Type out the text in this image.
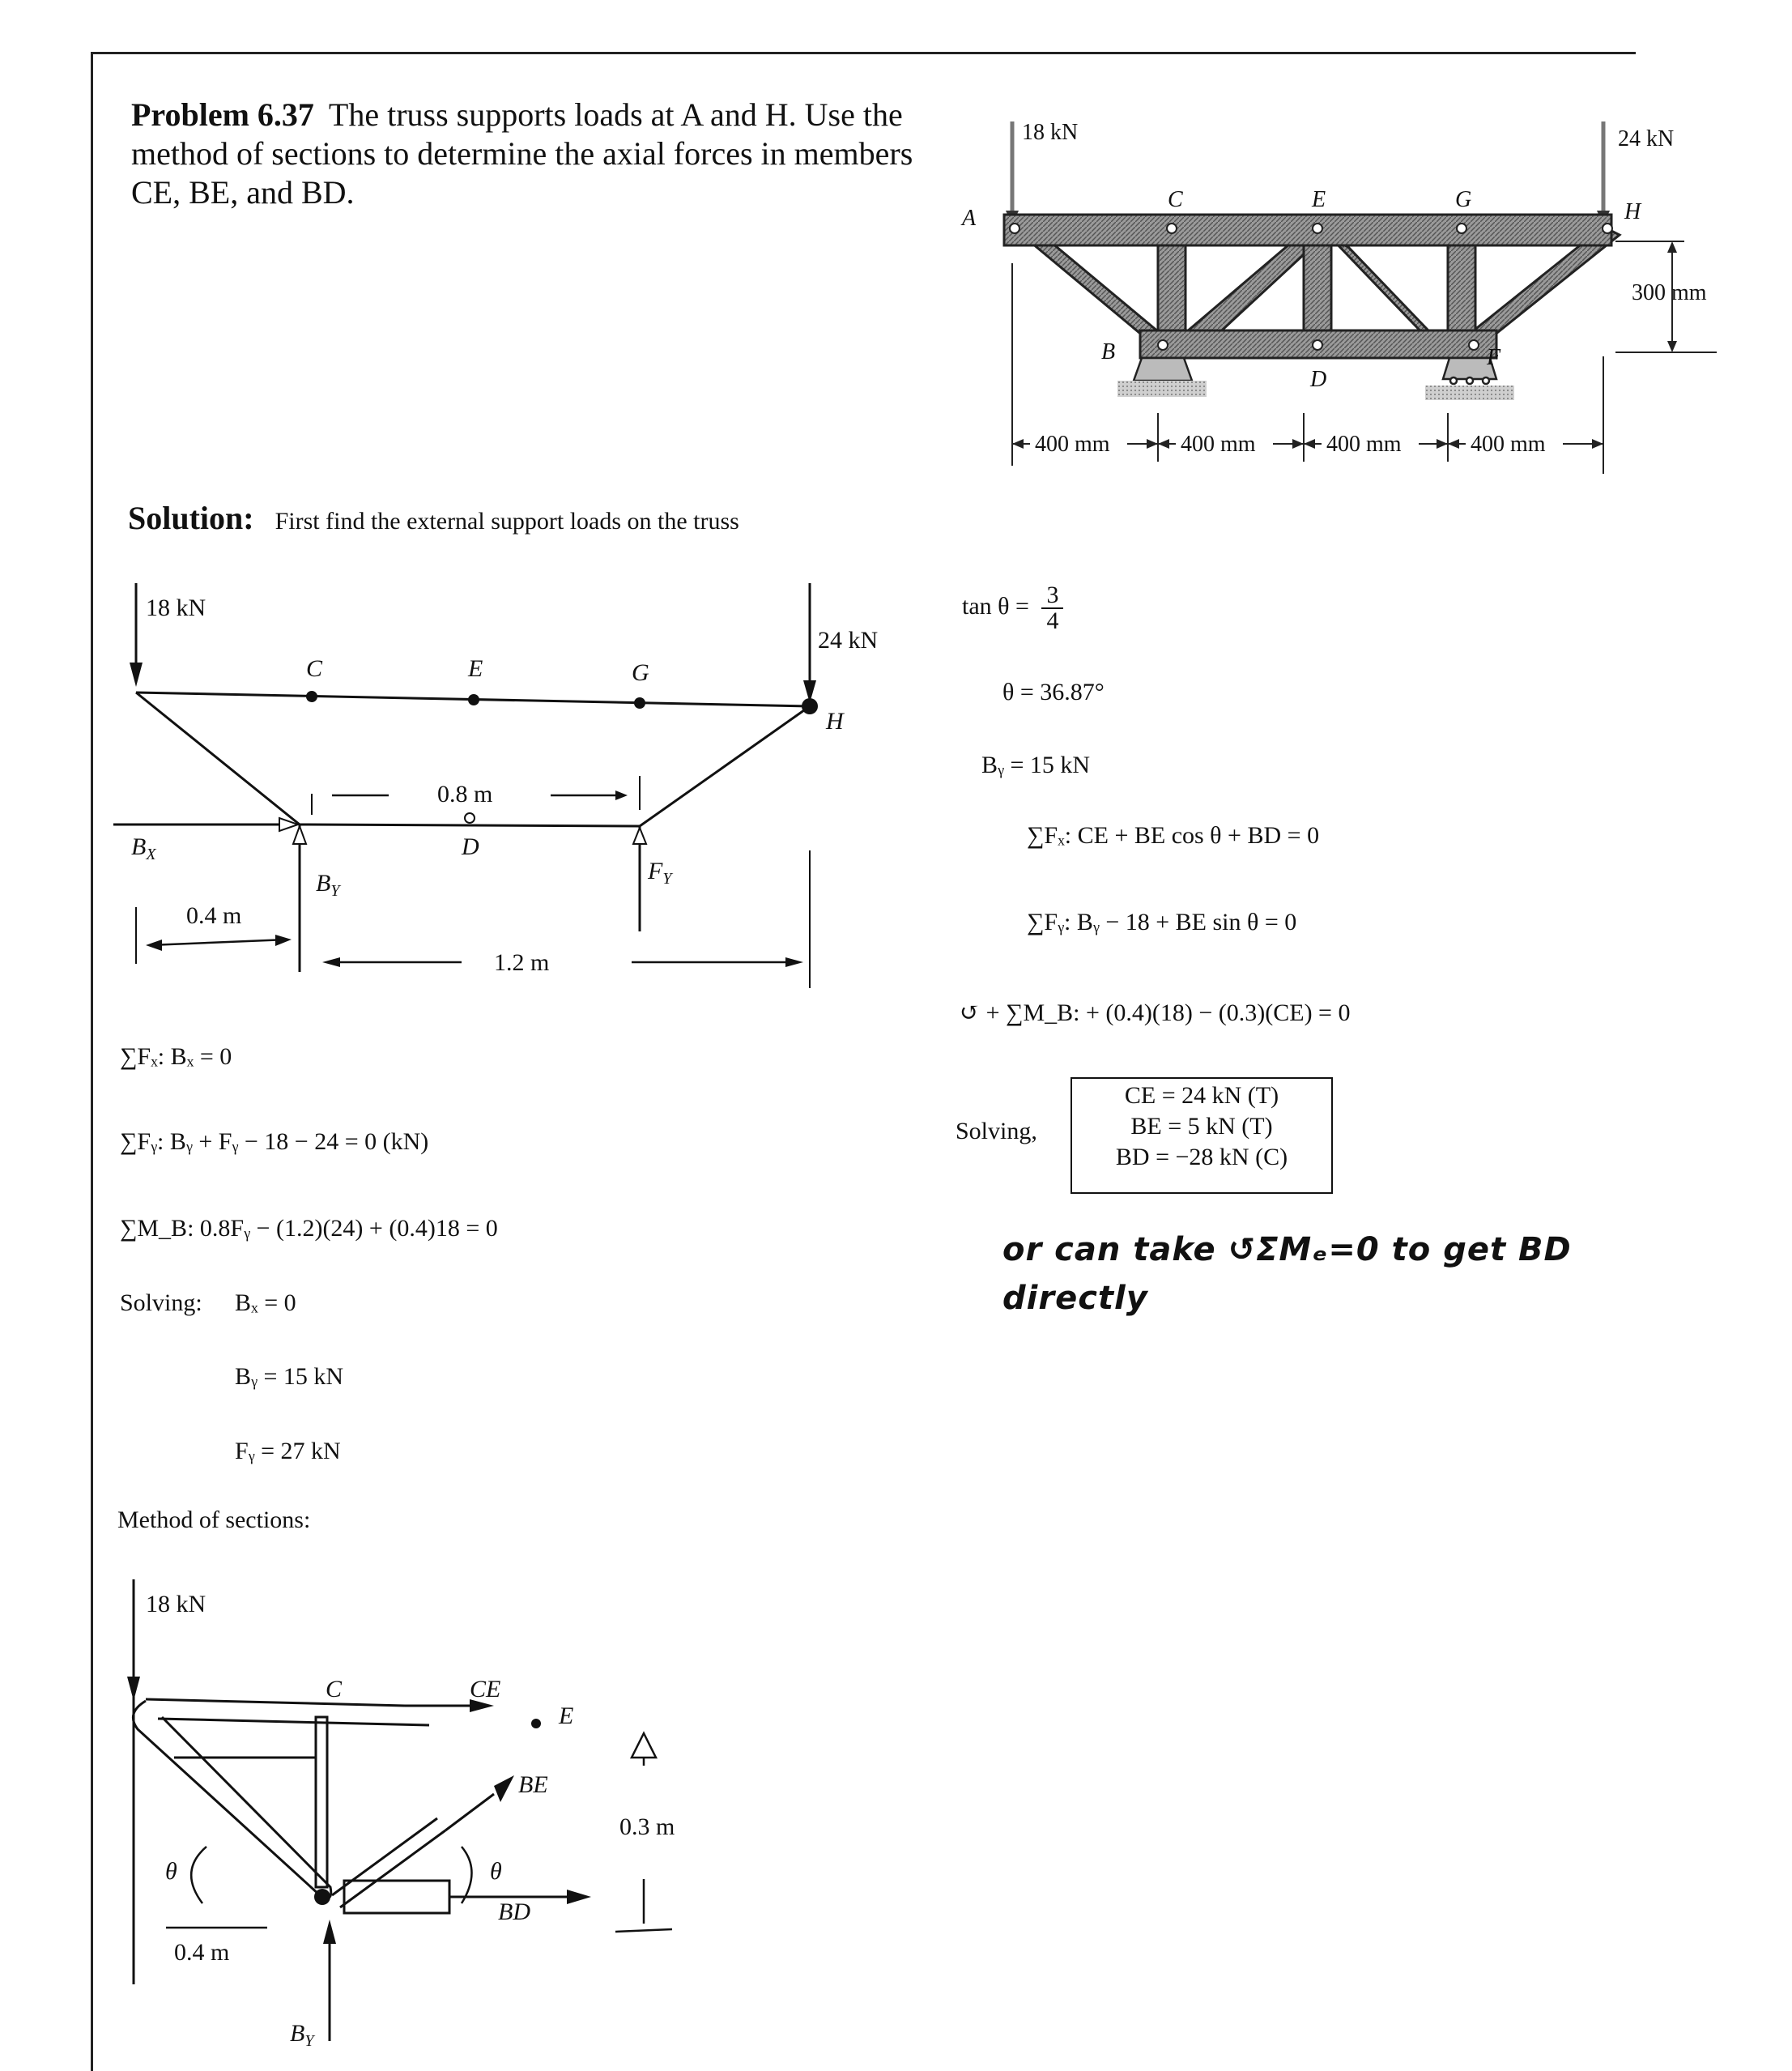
Problem 6.37 The truss supports loads at A and H. Use the method of sections to determine the axial forces in members CE, BE, and BD.
18 kN	24 kN
A
C	E	G	H
B
D
F
300 mm
400 mm	400 mm	400 mm	400 mm
Solution: First find the external support loads on the truss
18 kN
24 kN
C	E	G
H
D
0.8 m
0.4 m
1.2 m
$B_X$
$B_Y$
$F_Y$
∑Fₓ: Bₓ = 0
∑Fᵧ: Bᵧ + Fᵧ − 18 − 24 = 0 (kN)
∑M_B: 0.8Fᵧ − (1.2)(24) + (0.4)18 = 0
Solving: Bₓ = 0
Bᵧ = 15 kN
Fᵧ = 27 kN
Method of sections:
18 kN
C	CE
E
BE
BD
θ	θ
0.3 m
0.4 m
$B_Y$
$\tan \theta = \frac{3}{4}$
θ = 36.87°
Bᵧ = 15 kN
∑Fₓ: CE + BE cos θ + BD = 0
∑Fᵧ: Bᵧ − 18 + BE sin θ = 0
↺ + ∑M_B: + (0.4)(18) − (0.3)(CE) = 0
Solving,
CE = 24 kN (T)
BE = 5 kN (T)
BD = −28 kN (C)
or can take ↺ΣMₑ=0 to get BD
directly
